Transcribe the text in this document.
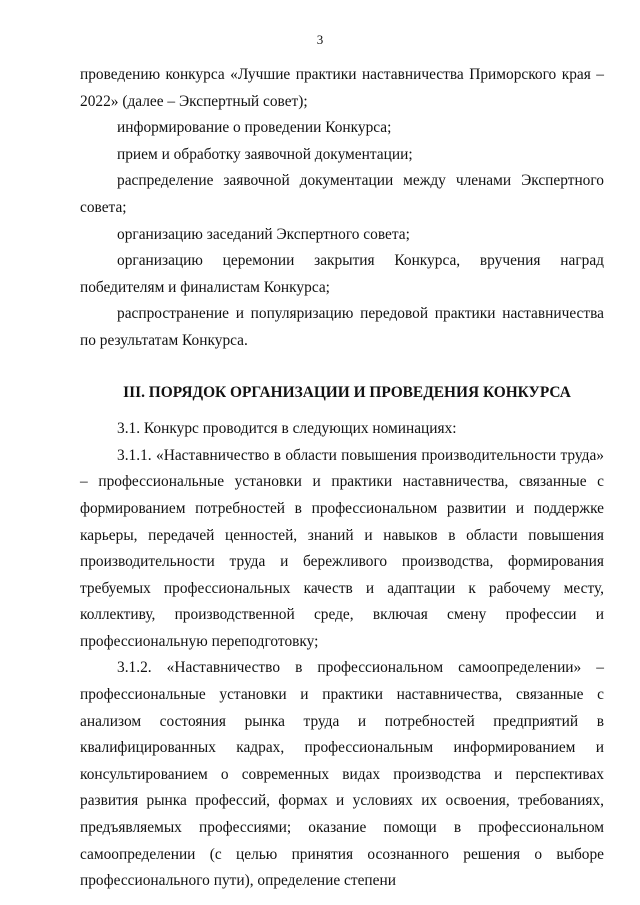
3

проведению конкурса «Лучшие практики наставничества Приморского края – 2022» (далее – Экспертный совет);

информирование о проведении Конкурса;

прием и обработку заявочной документации;

распределение заявочной документации между членами Экспертного совета;

организацию заседаний Экспертного совета;

организацию церемонии закрытия Конкурса, вручения наград победителям и финалистам Конкурса;

распространение и популяризацию передовой практики наставничества по результатам Конкурса.

III. ПОРЯДОК ОРГАНИЗАЦИИ И ПРОВЕДЕНИЯ КОНКУРСА

3.1. Конкурс проводится в следующих номинациях:

3.1.1. «Наставничество в области повышения производительности труда» – профессиональные установки и практики наставничества, связанные с формированием потребностей в профессиональном развитии и поддержке карьеры, передачей ценностей, знаний и навыков в области повышения производительности труда и бережливого производства, формирования требуемых профессиональных качеств и адаптации к рабочему месту, коллективу, производственной среде, включая смену профессии и профессиональную переподготовку;

3.1.2. «Наставничество в профессиональном самоопределении» – профессиональные установки и практики наставничества, связанные с анализом состояния рынка труда и потребностей предприятий в квалифицированных кадрах, профессиональным информированием и консультированием о современных видах производства и перспективах развития рынка профессий, формах и условиях их освоения, требованиях, предъявляемых профессиями; оказание помощи в профессиональном самоопределении (с целью принятия осознанного решения о выборе профессионального пути), определение степени
